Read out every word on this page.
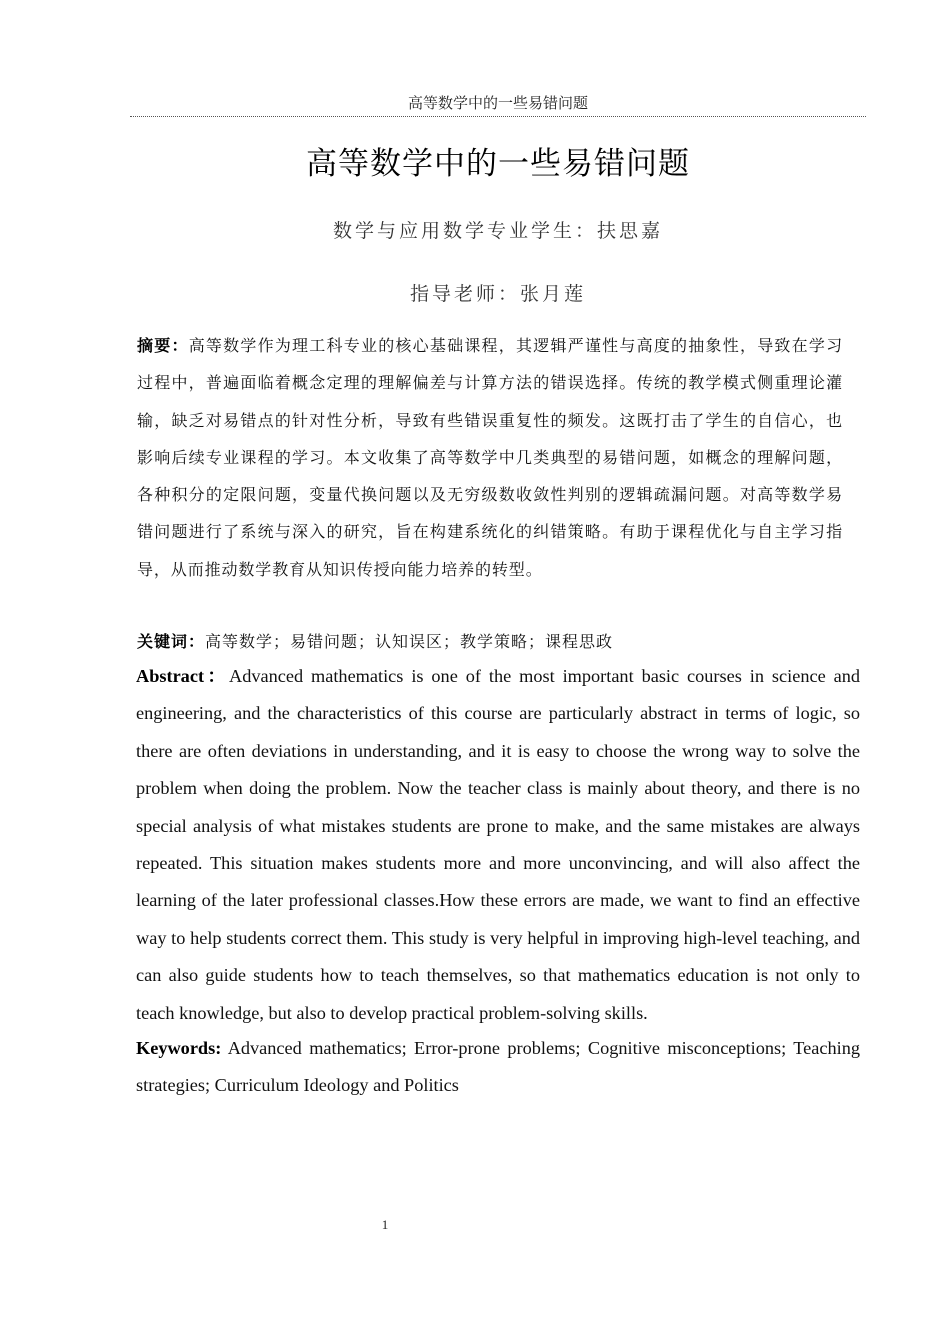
高等数学中的一些易错问题
高等数学中的一些易错问题
数学与应用数学专业学生：扶思嘉
指导老师：张月莲
摘要：高等数学作为理工科专业的核心基础课程，其逻辑严谨性与高度的抽象性，导致在学习过程中，普遍面临着概念定理的理解偏差与计算方法的错误选择。传统的教学模式侧重理论灌输，缺乏对易错点的针对性分析，导致有些错误重复性的频发。这既打击了学生的自信心，也影响后续专业课程的学习。本文收集了高等数学中几类典型的易错问题，如概念的理解问题，各种积分的定限问题，变量代换问题以及无穷级数收敛性判别的逻辑疏漏问题。对高等数学易错问题进行了系统与深入的研究，旨在构建系统化的纠错策略。有助于课程优化与自主学习指导，从而推动数学教育从知识传授向能力培养的转型。
关键词：高等数学；易错问题；认知误区；教学策略；课程思政
Abstract：Advanced mathematics is one of the most important basic courses in science and engineering, and the characteristics of this course are particularly abstract in terms of logic, so there are often deviations in understanding, and it is easy to choose the wrong way to solve the problem when doing the problem. Now the teacher class is mainly about theory, and there is no special analysis of what mistakes students are prone to make, and the same mistakes are always repeated. This situation makes students more and more unconvincing, and will also affect the learning of the later professional classes.How these errors are made, we want to find an effective way to help students correct them. This study is very helpful in improving high-level teaching, and can also guide students how to teach themselves, so that mathematics education is not only to teach knowledge, but also to develop practical problem-solving skills.
Keywords: Advanced mathematics; Error-prone problems; Cognitive misconceptions; Teaching strategies; Curriculum Ideology and Politics
1
